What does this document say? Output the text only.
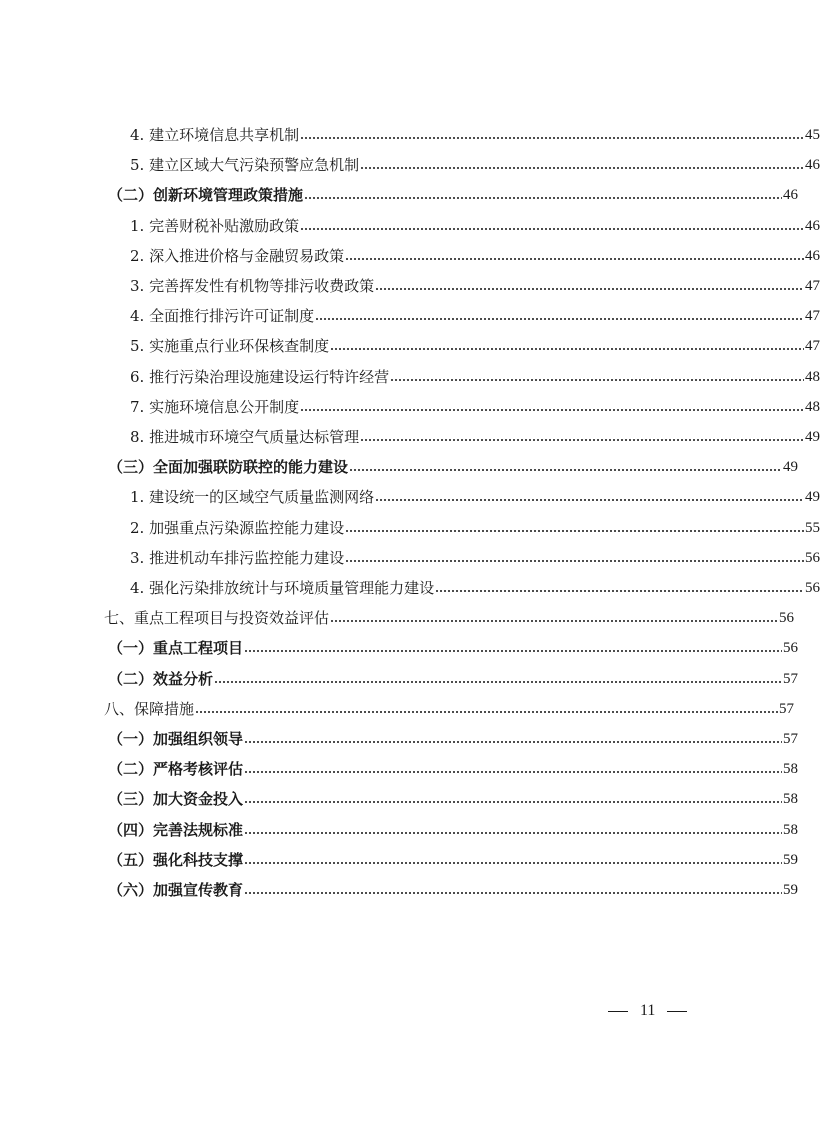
4. 建立环境信息共享机制	45
5. 建立区域大气污染预警应急机制	46
（二）创新环境管理政策措施	46
1. 完善财税补贴激励政策	46
2. 深入推进价格与金融贸易政策	46
3. 完善挥发性有机物等排污收费政策	47
4. 全面推行排污许可证制度	47
5. 实施重点行业环保核查制度	47
6. 推行污染治理设施建设运行特许经营	48
7. 实施环境信息公开制度	48
8. 推进城市环境空气质量达标管理	49
（三）全面加强联防联控的能力建设	49
1. 建设统一的区域空气质量监测网络	49
2. 加强重点污染源监控能力建设	55
3. 推进机动车排污监控能力建设	56
4. 强化污染排放统计与环境质量管理能力建设	56
七、重点工程项目与投资效益评估	56
（一）重点工程项目	56
（二）效益分析	57
八、保障措施	57
（一）加强组织领导	57
（二）严格考核评估	58
（三）加大资金投入	58
（四）完善法规标准	58
（五）强化科技支撑	59
（六）加强宣传教育	59
11
